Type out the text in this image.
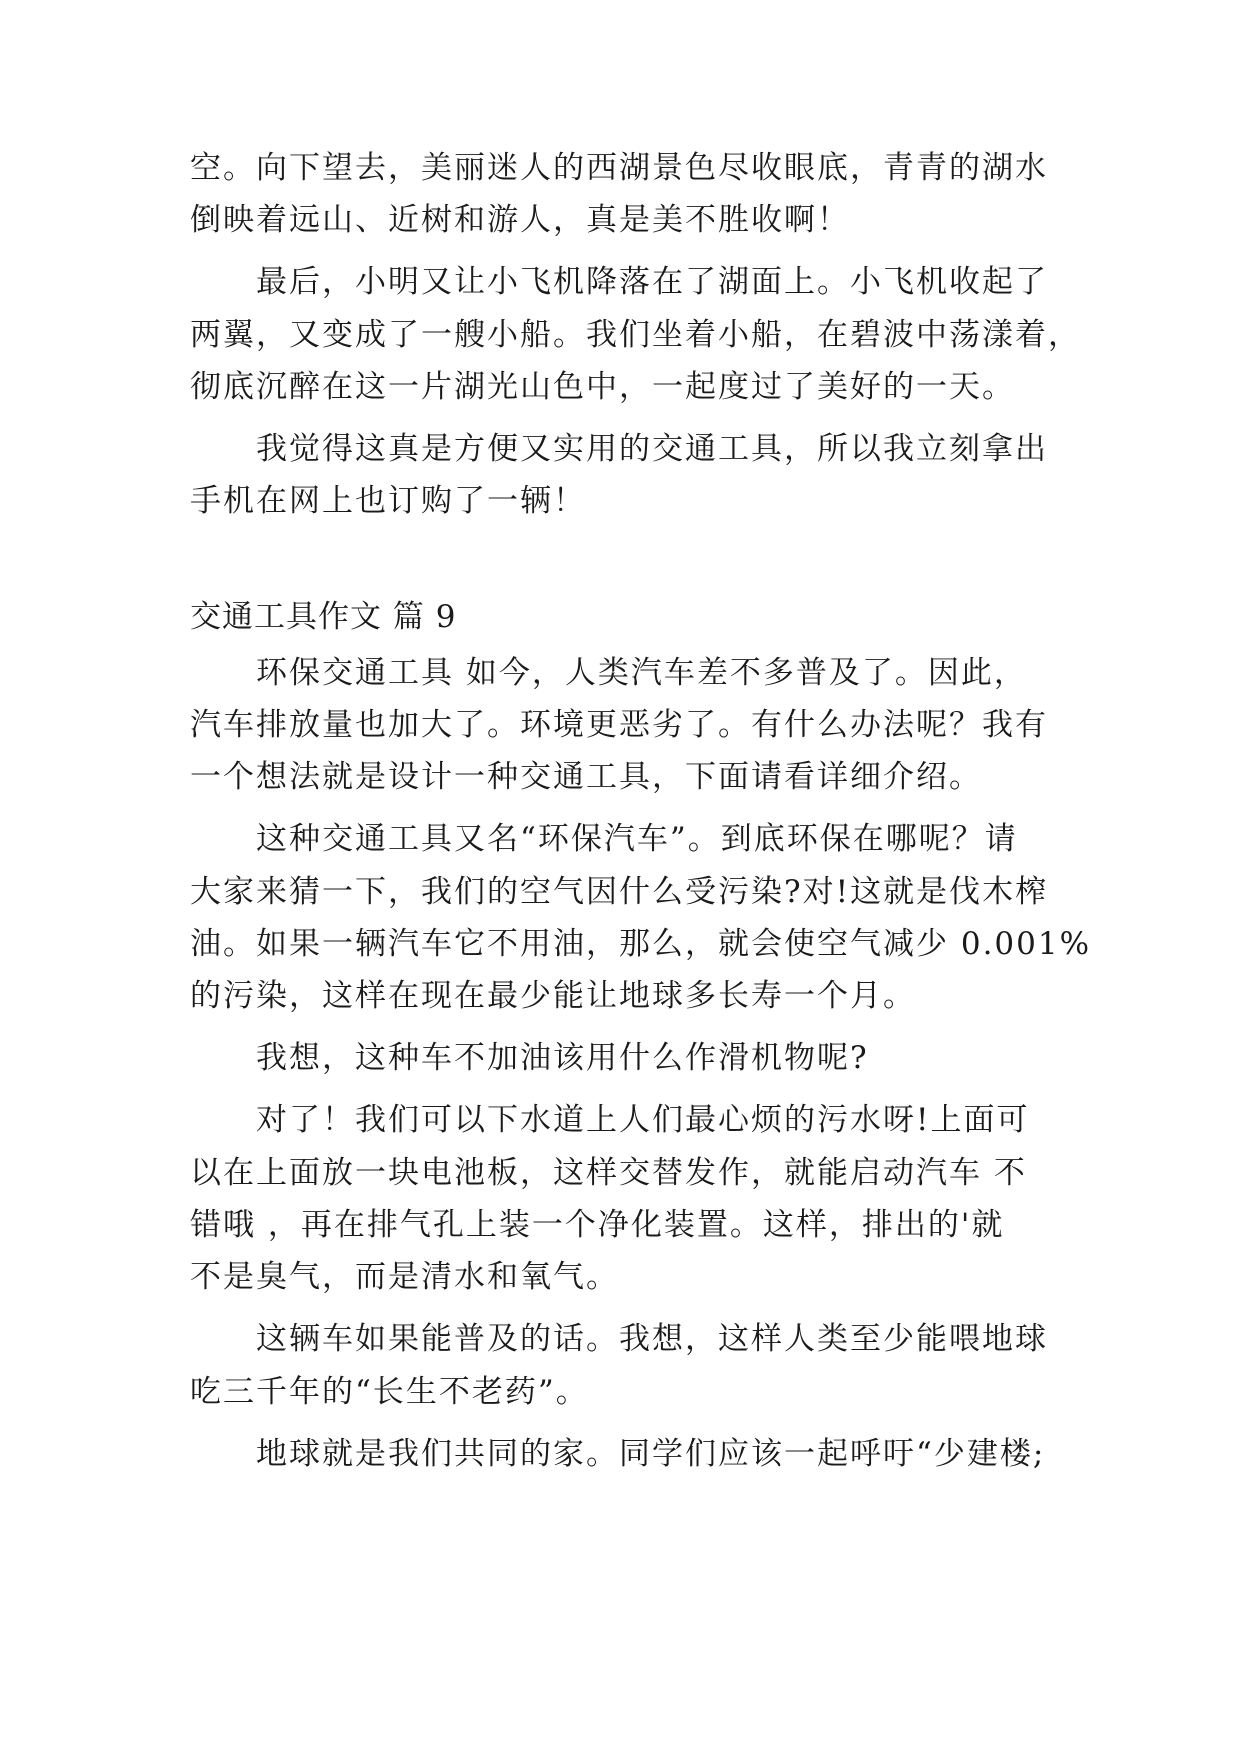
空。向下望去，美丽迷人的西湖景色尽收眼底，青青的湖水
倒映着远山、近树和游人，真是美不胜收啊！
最后，小明又让小飞机降落在了湖面上。小飞机收起了
两翼，又变成了一艘小船。我们坐着小船，在碧波中荡漾着，
彻底沉醉在这一片湖光山色中，一起度过了美好的一天。
我觉得这真是方便又实用的交通工具，所以我立刻拿出
手机在网上也订购了一辆！
交通工具作文 篇 9
环保交通工具 如今，人类汽车差不多普及了。因此，
汽车排放量也加大了。环境更恶劣了。有什么办法呢？我有
一个想法就是设计一种交通工具，下面请看详细介绍。
这种交通工具又名“环保汽车”。到底环保在哪呢？请
大家来猜一下，我们的空气因什么受污染?对!这就是伐木榨
油。如果一辆汽车它不用油，那么，就会使空气减少 0.001%
的污染，这样在现在最少能让地球多长寿一个月。
我想，这种车不加油该用什么作滑机物呢?
对了！我们可以下水道上人们最心烦的污水呀!上面可
以在上面放一块电池板，这样交替发作，就能启动汽车 不
错哦 ，再在排气孔上装一个净化装置。这样，排出的'就
不是臭气，而是清水和氧气。
这辆车如果能普及的话。我想，这样人类至少能喂地球
吃三千年的“长生不老药”。
地球就是我们共同的家。同学们应该一起呼吁“少建楼;
